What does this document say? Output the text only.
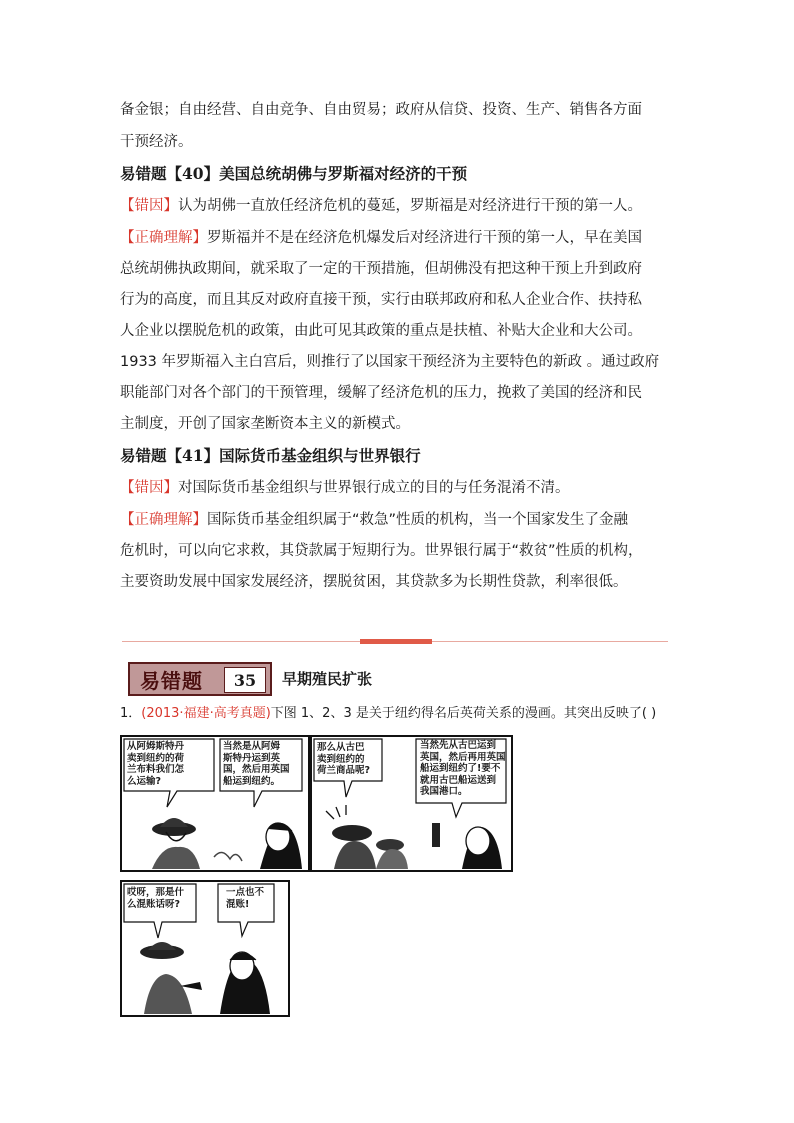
备金银；自由经营、自由竞争、自由贸易；政府从信贷、投资、生产、销售各方面
干预经济。
易错题【40】美国总统胡佛与罗斯福对经济的干预
【错因】认为胡佛一直放任经济危机的蔓延，罗斯福是对经济进行干预的第一人。
【正确理解】罗斯福并不是在经济危机爆发后对经济进行干预的第一人，早在美国
总统胡佛执政期间，就采取了一定的干预措施，但胡佛没有把这种干预上升到政府
行为的高度，而且其反对政府直接干预，实行由联邦政府和私人企业合作、扶持私
人企业以摆脱危机的政策，由此可见其政策的重点是扶植、补贴大企业和大公司。
1933 年罗斯福入主白宫后，则推行了以国家干预经济为主要特色的新政 。通过政府
职能部门对各个部门的干预管理，缓解了经济危机的压力，挽救了美国的经济和民
主制度，开创了国家垄断资本主义的新模式。
易错题【41】国际货币基金组织与世界银行
【错因】对国际货币基金组织与世界银行成立的目的与任务混淆不清。
【正确理解】国际货币基金组织属于“救急”性质的机构，当一个国家发生了金融
危机时，可以向它求救，其贷款属于短期行为。世界银行属于“救贫”性质的机构，
主要资助发展中国家发展经济，摆脱贫困，其贷款多为长期性贷款，利率很低。
易错题	35	早期殖民扩张
1．(2013·福建·高考真题)下图 1、2、3 是关于纽约得名后英荷关系的漫画。其突出反映了( )
从阿姆斯特丹
卖到纽约的荷
兰布料我们怎
么运输?
当然是从阿姆
斯特丹运到英
国，然后用英国
船运到纽约。
那么从古巴
卖到纽约的
荷兰商品呢?
当然先从古巴运到
英国，然后再用英国
船运到纽约了!要不
就用古巴船运送到
我国港口。
哎呀，那是什
么混账话呀?
一点也不
混账!
